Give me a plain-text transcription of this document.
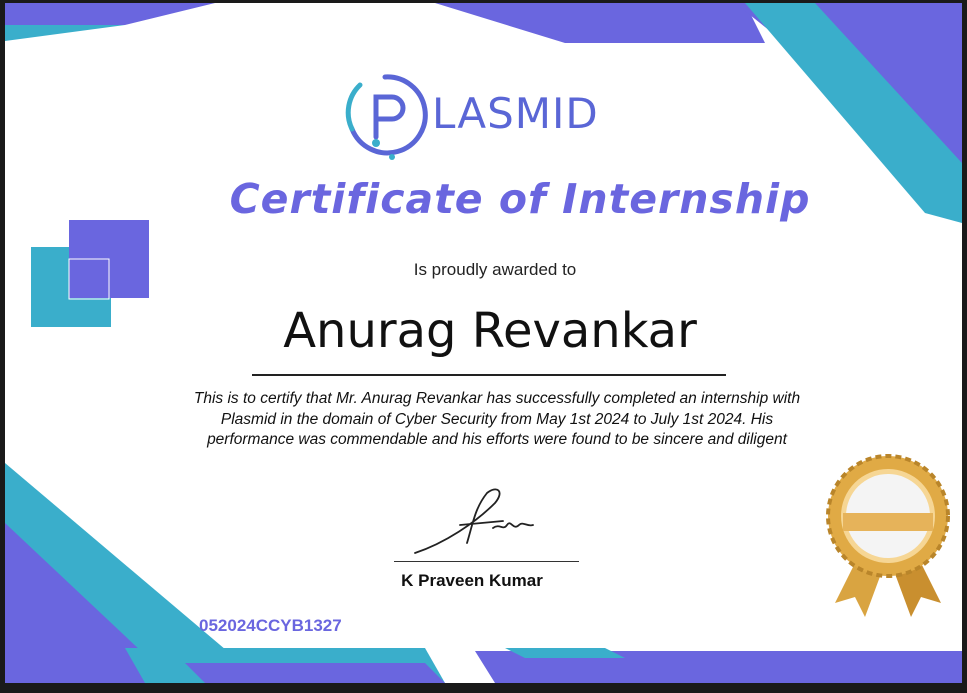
LASMID
Certificate of Internship
Is proudly awarded to
Anurag Revankar
This is to certify that Mr. Anurag Revankar has successfully completed an internship with Plasmid in the domain of Cyber Security from May 1st 2024 to July 1st 2024. His performance was commendable and his efforts were found to be sincere and diligent
K Praveen Kumar
052024CCYB1327
